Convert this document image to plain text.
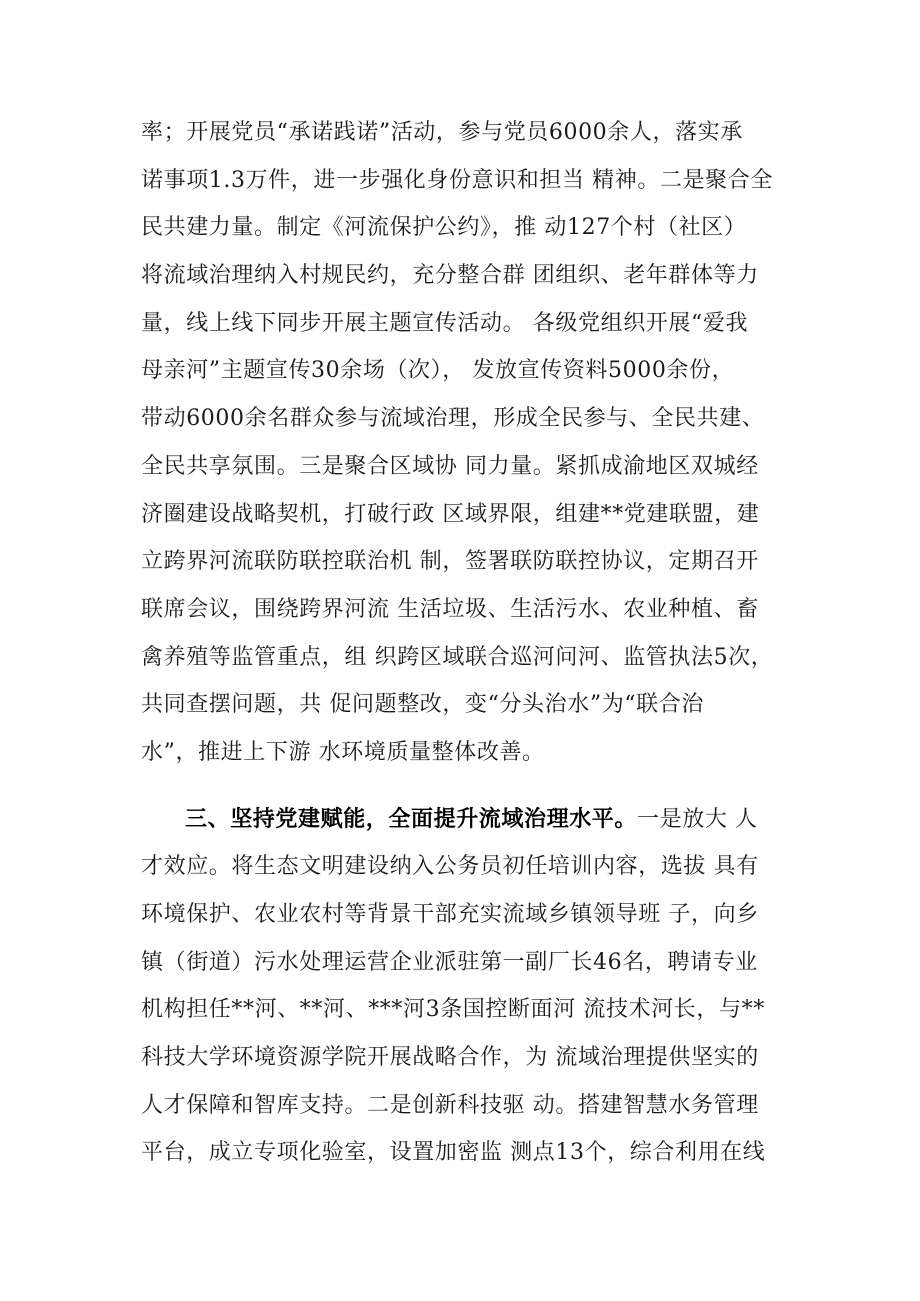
率；开展党员“承诺践诺”活动，参与党员6000余人，落实承
诺事项1.3万件，进一步强化身份意识和担当 精神。二是聚合全
民共建力量。制定《河流保护公约》，推 动127个村（社区）
将流域治理纳入村规民约，充分整合群 团组织、老年群体等力
量，线上线下同步开展主题宣传活动。 各级党组织开展“爱我
母亲河”主题宣传30余场（次）， 发放宣传资料5000余份，
带动6000余名群众参与流域治理，形成全民参与、全民共建、
全民共享氛围。三是聚合区域协 同力量。紧抓成渝地区双城经
济圈建设战略契机，打破行政 区域界限，组建**党建联盟，建
立跨界河流联防联控联治机 制，签署联防联控协议，定期召开
联席会议，围绕跨界河流 生活垃圾、生活污水、农业种植、畜
禽养殖等监管重点，组 织跨区域联合巡河问河、监管执法5次，
共同查摆问题，共 促问题整改，变“分头治水”为“联合治
水”，推进上下游 水环境质量整体改善。
三、坚持党建赋能，全面提升流域治理水平。一是放大 人
才效应。将生态文明建设纳入公务员初任培训内容，选拔 具有
环境保护、农业农村等背景干部充实流域乡镇领导班 子，向乡
镇（街道）污水处理运营企业派驻第一副厂长46名，聘请专业
机构担任**河、**河、***河3条国控断面河 流技术河长，与**
科技大学环境资源学院开展战略合作，为 流域治理提供坚实的
人才保障和智库支持。二是创新科技驱 动。搭建智慧水务管理
平台，成立专项化验室，设置加密监 测点13个，综合利用在线
